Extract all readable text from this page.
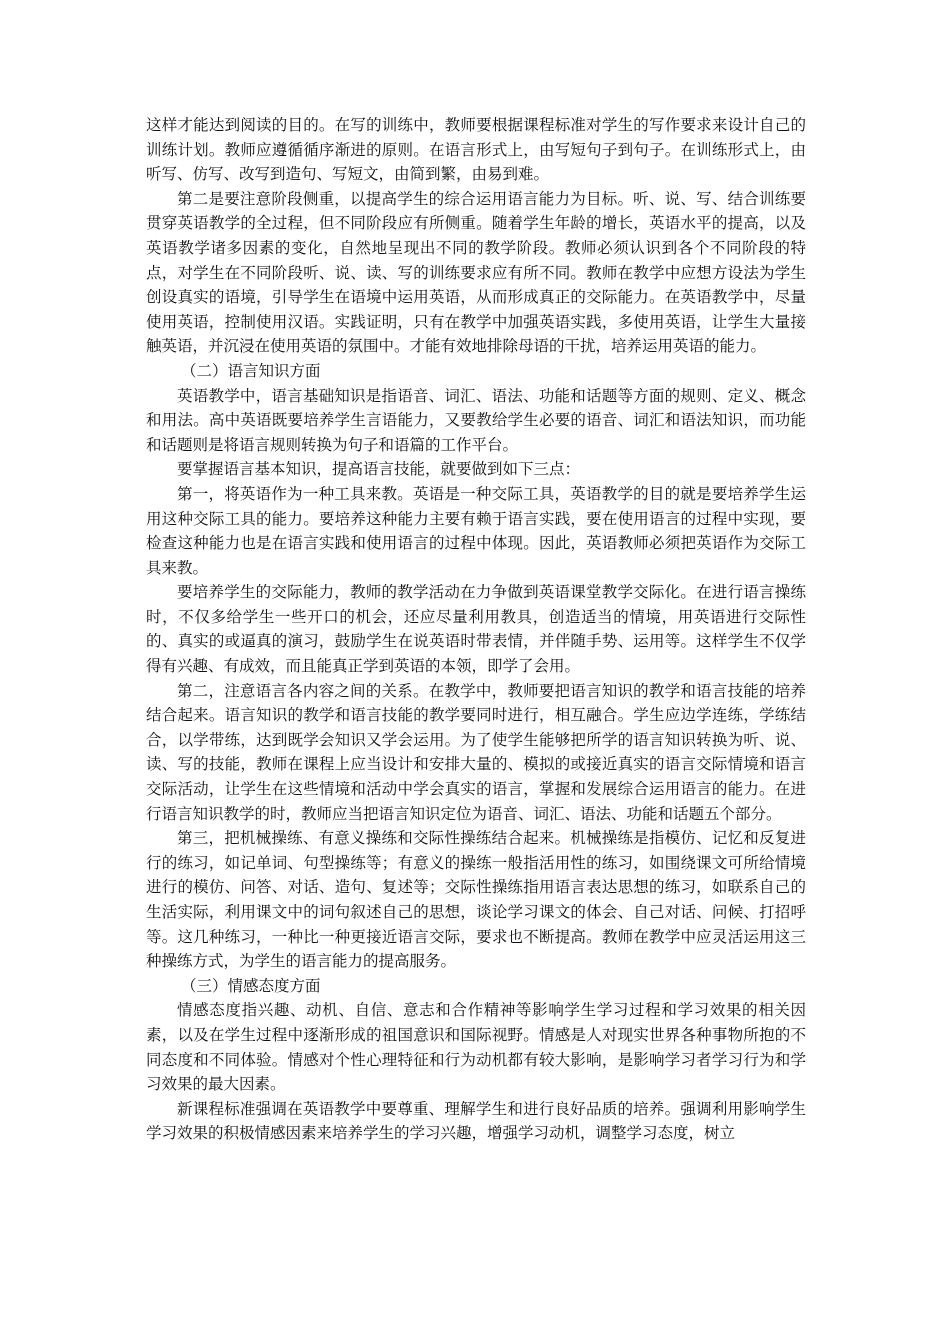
这样才能达到阅读的目的。在写的训练中，教师要根据课程标准对学生的写作要求来设计自己的训练计划。教师应遵循循序渐进的原则。在语言形式上，由写短句子到句子。在训练形式上，由听写、仿写、改写到造句、写短文，由简到繁，由易到难。

第二是要注意阶段侧重，以提高学生的综合运用语言能力为目标。听、说、写、结合训练要贯穿英语教学的全过程，但不同阶段应有所侧重。随着学生年龄的增长，英语水平的提高，以及英语教学诸多因素的变化，自然地呈现出不同的教学阶段。教师必须认识到各个不同阶段的特点，对学生在不同阶段听、说、读、写的训练要求应有所不同。教师在教学中应想方设法为学生创设真实的语境，引导学生在语境中运用英语，从而形成真正的交际能力。在英语教学中，尽量使用英语，控制使用汉语。实践证明，只有在教学中加强英语实践，多使用英语，让学生大量接触英语，并沉浸在使用英语的氛围中。才能有效地排除母语的干扰，培养运用英语的能力。

（二）语言知识方面

英语教学中，语言基础知识是指语音、词汇、语法、功能和话题等方面的规则、定义、概念和用法。高中英语既要培养学生言语能力，又要教给学生必要的语音、词汇和语法知识，而功能和话题则是将语言规则转换为句子和语篇的工作平台。

要掌握语言基本知识，提高语言技能，就要做到如下三点：

第一，将英语作为一种工具来教。英语是一种交际工具，英语教学的目的就是要培养学生运用这种交际工具的能力。要培养这种能力主要有赖于语言实践，要在使用语言的过程中实现，要检查这种能力也是在语言实践和使用语言的过程中体现。因此，英语教师必须把英语作为交际工具来教。

要培养学生的交际能力，教师的教学活动在力争做到英语课堂教学交际化。在进行语言操练时，不仅多给学生一些开口的机会，还应尽量利用教具，创造适当的情境，用英语进行交际性的、真实的或逼真的演习，鼓励学生在说英语时带表情，并伴随手势、运用等。这样学生不仅学得有兴趣、有成效，而且能真正学到英语的本领，即学了会用。

第二，注意语言各内容之间的关系。在教学中，教师要把语言知识的教学和语言技能的培养结合起来。语言知识的教学和语言技能的教学要同时进行，相互融合。学生应边学连练，学练结合，以学带练，达到既学会知识又学会运用。为了使学生能够把所学的语言知识转换为听、说、读、写的技能，教师在课程上应当设计和安排大量的、模拟的或接近真实的语言交际情境和语言交际活动，让学生在这些情境和活动中学会真实的语言，掌握和发展综合运用语言的能力。在进行语言知识教学的时，教师应当把语言知识定位为语音、词汇、语法、功能和话题五个部分。

第三，把机械操练、有意义操练和交际性操练结合起来。机械操练是指模仿、记忆和反复进行的练习，如记单词、句型操练等；有意义的操练一般指活用性的练习，如围绕课文可所给情境进行的模仿、问答、对话、造句、复述等；交际性操练指用语言表达思想的练习，如联系自己的生活实际，利用课文中的词句叙述自己的思想，谈论学习课文的体会、自己对话、问候、打招呼等。这几种练习，一种比一种更接近语言交际，要求也不断提高。教师在教学中应灵活运用这三种操练方式，为学生的语言能力的提高服务。

（三）情感态度方面

情感态度指兴趣、动机、自信、意志和合作精神等影响学生学习过程和学习效果的相关因素，以及在学生过程中逐渐形成的祖国意识和国际视野。情感是人对现实世界各种事物所抱的不同态度和不同体验。情感对个性心理特征和行为动机都有较大影响，是影响学习者学习行为和学习效果的最大因素。

新课程标准强调在英语教学中要尊重、理解学生和进行良好品质的培养。强调利用影响学生学习效果的积极情感因素来培养学生的学习兴趣，增强学习动机，调整学习态度，树立
